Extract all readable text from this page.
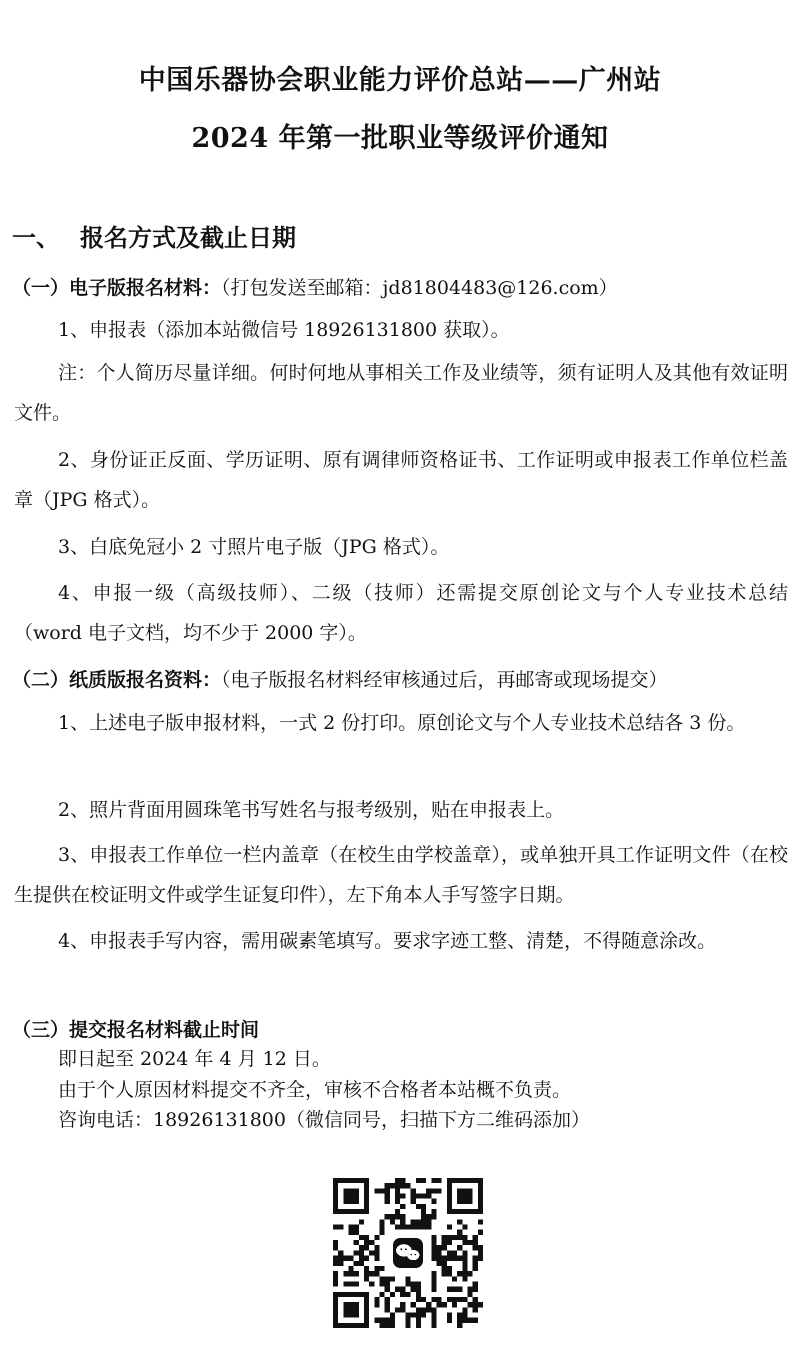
中国乐器协会职业能力评价总站——广州站
2024 年第一批职业等级评价通知
一、 报名方式及截止日期
（一）电子版报名材料：（打包发送至邮箱：jd81804483@126.com）
1、申报表（添加本站微信号 18926131800 获取）。
注：个人简历尽量详细。何时何地从事相关工作及业绩等，须有证明人及其他有效证明文件。
2、身份证正反面、学历证明、原有调律师资格证书、工作证明或申报表工作单位栏盖章（JPG 格式）。
3、白底免冠小 2 寸照片电子版（JPG 格式）。
4、申报一级（高级技师）、二级（技师）还需提交原创论文与个人专业技术总结（word 电子文档，均不少于 2000 字）。
（二）纸质版报名资料：（电子版报名材料经审核通过后，再邮寄或现场提交）
1、上述电子版申报材料，一式 2 份打印。原创论文与个人专业技术总结各 3 份。
2、照片背面用圆珠笔书写姓名与报考级别，贴在申报表上。
3、申报表工作单位一栏内盖章（在校生由学校盖章），或单独开具工作证明文件（在校生提供在校证明文件或学生证复印件），左下角本人手写签字日期。
4、申报表手写内容，需用碳素笔填写。要求字迹工整、清楚，不得随意涂改。
（三）提交报名材料截止时间
即日起至 2024 年 4 月 12 日。
由于个人原因材料提交不齐全，审核不合格者本站概不负责。
咨询电话：18926131800（微信同号，扫描下方二维码添加）
